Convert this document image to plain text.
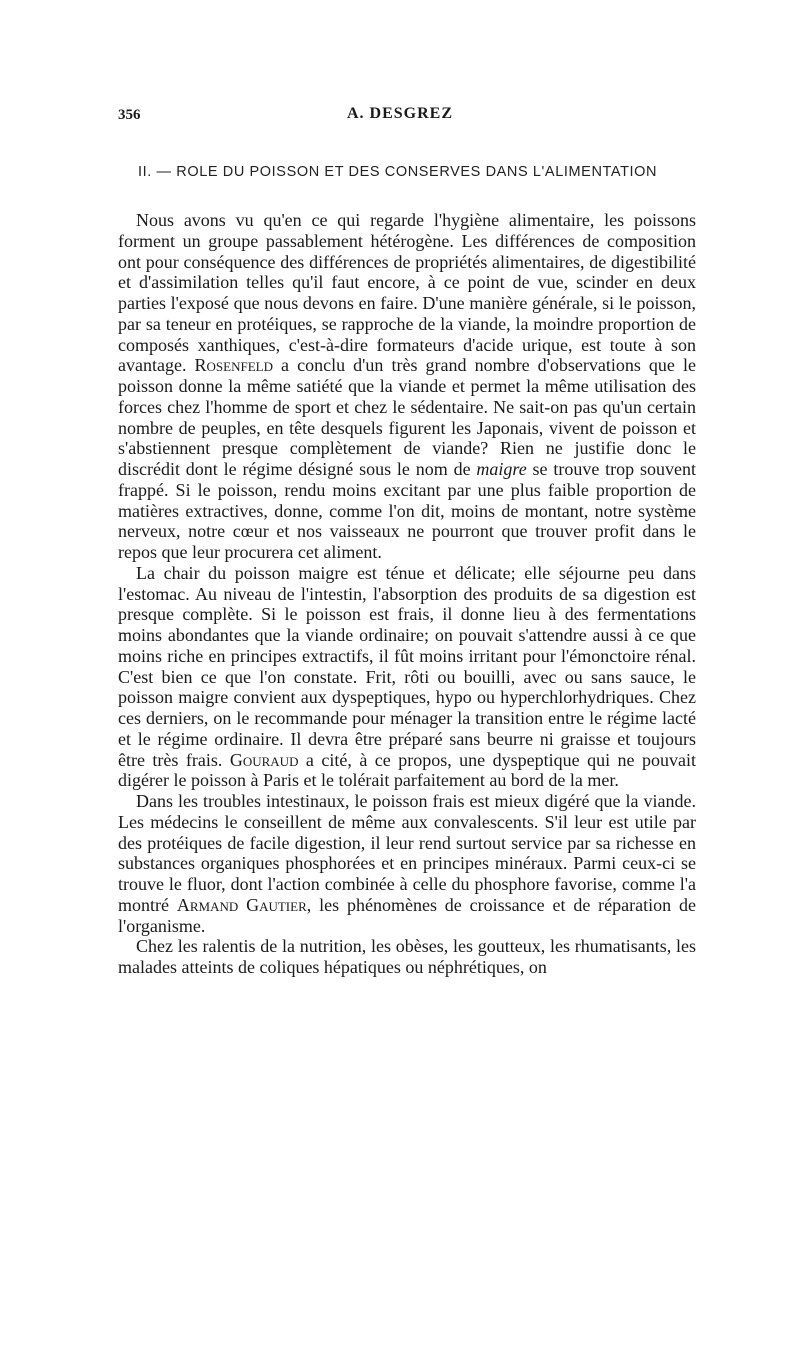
356	A. DESGREZ
II. — ROLE DU POISSON ET DES CONSERVES DANS L'ALIMENTATION

Nous avons vu qu'en ce qui regarde l'hygiène alimentaire, les poissons forment un groupe passablement hétérogène. Les différences de composition ont pour conséquence des différences de propriétés alimentaires, de digestibilité et d'assimilation telles qu'il faut encore, à ce point de vue, scinder en deux parties l'exposé que nous devons en faire. D'une manière générale, si le poisson, par sa teneur en protéiques, se rapproche de la viande, la moindre proportion de composés xanthiques, c'est-à-dire formateurs d'acide urique, est toute à son avantage. Rosenfeld a conclu d'un très grand nombre d'observations que le poisson donne la même satiété que la viande et permet la même utilisation des forces chez l'homme de sport et chez le sédentaire. Ne sait-on pas qu'un certain nombre de peuples, en tête desquels figurent les Japonais, vivent de poisson et s'abstiennent presque complètement de viande? Rien ne justifie donc le discrédit dont le régime désigné sous le nom de maigre se trouve trop souvent frappé. Si le poisson, rendu moins excitant par une plus faible proportion de matières extractives, donne, comme l'on dit, moins de montant, notre système nerveux, notre cœur et nos vaisseaux ne pourront que trouver profit dans le repos que leur procurera cet aliment.

La chair du poisson maigre est ténue et délicate; elle séjourne peu dans l'estomac. Au niveau de l'intestin, l'absorption des produits de sa digestion est presque complète. Si le poisson est frais, il donne lieu à des fermentations moins abondantes que la viande ordinaire; on pouvait s'attendre aussi à ce que moins riche en principes extractifs, il fût moins irritant pour l'émonctoire rénal. C'est bien ce que l'on constate. Frit, rôti ou bouilli, avec ou sans sauce, le poisson maigre convient aux dyspeptiques, hypo ou hyperchlorhydriques. Chez ces derniers, on le recommande pour ménager la transition entre le régime lacté et le régime ordinaire. Il devra être préparé sans beurre ni graisse et toujours être très frais. Gouraud a cité, à ce propos, une dyspeptique qui ne pouvait digérer le poisson à Paris et le tolérait parfaitement au bord de la mer.

Dans les troubles intestinaux, le poisson frais est mieux digéré que la viande. Les médecins le conseillent de même aux convalescents. S'il leur est utile par des protéiques de facile digestion, il leur rend surtout service par sa richesse en substances organiques phosphorées et en principes minéraux. Parmi ceux-ci se trouve le fluor, dont l'action combinée à celle du phosphore favorise, comme l'a montré Armand Gautier, les phénomènes de croissance et de réparation de l'organisme.

Chez les ralentis de la nutrition, les obèses, les goutteux, les rhumatisants, les malades atteints de coliques hépatiques ou néphrétiques, on
